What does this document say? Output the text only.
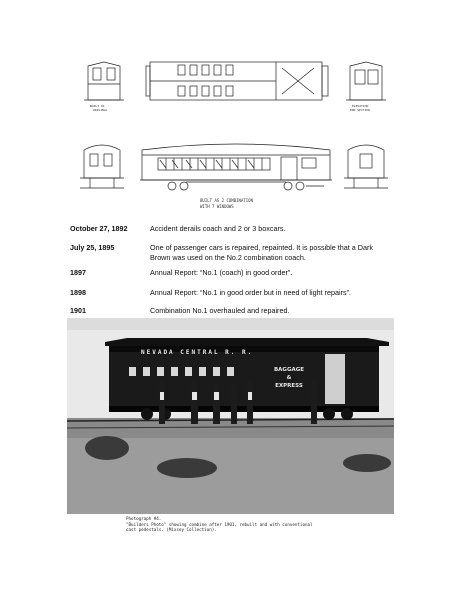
BUILT AS
ORIGINAL
ELEVATION
END SECTION
BUILT AS 2 COMBINATION
WITH 7 WINDOWS
October 27, 1892	Accident derails coach and 2 or 3 boxcars.
July 25, 1895	One of passenger cars is repaired, repainted. It is possible that a Dark
Brown was used on the No.2 combination coach.
1897	Annual Report: “No.1 (coach) in good order”.
1898	Annual Report: “No.1 in good order but in need of light repairs”.
1901	Combination No.1 overhauled and repaired.
NEVADA CENTRAL R. R.
BAGGAGE
&
EXPRESS
Photograph #4.
"Builders Photo" showing combine after 1901, rebuilt and with conventional
cast pedestals. (Mixsey Collection).
